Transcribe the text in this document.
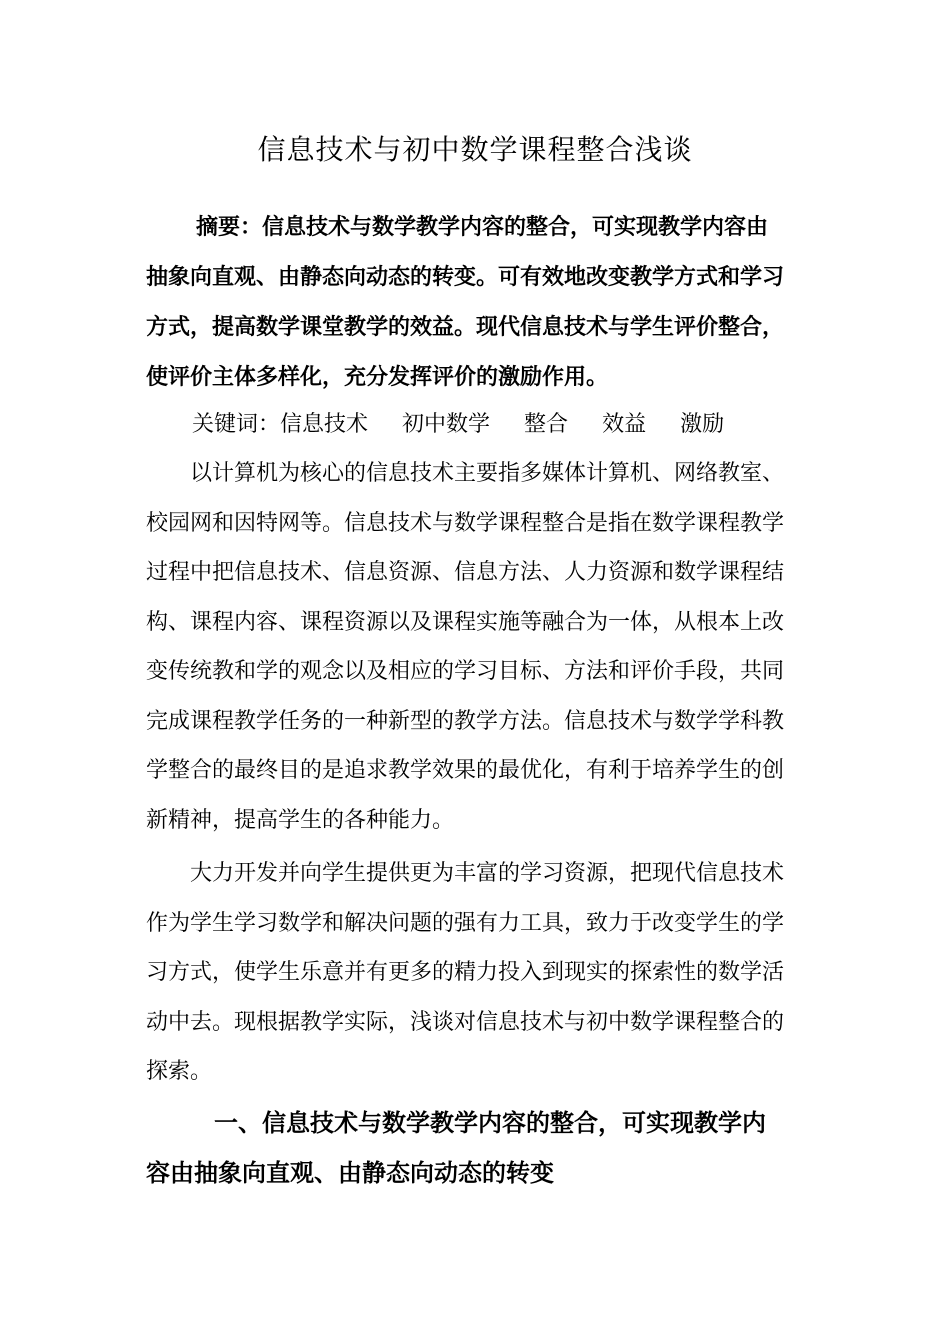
信息技术与初中数学课程整合浅谈
摘要：信息技术与数学教学内容的整合，可实现教学内容由
抽象向直观、由静态向动态的转变。可有效地改变教学方式和学习
方式，提高数学课堂教学的效益。现代信息技术与学生评价整合，
使评价主体多样化，充分发挥评价的激励作用。
关键词：信息技术 初中数学 整合 效益 激励
以计算机为核心的信息技术主要指多媒体计算机、网络教室、
校园网和因特网等。信息技术与数学课程整合是指在数学课程教学
过程中把信息技术、信息资源、信息方法、人力资源和数学课程结
构、课程内容、课程资源以及课程实施等融合为一体，从根本上改
变传统教和学的观念以及相应的学习目标、方法和评价手段，共同
完成课程教学任务的一种新型的教学方法。信息技术与数学学科教
学整合的最终目的是追求教学效果的最优化，有利于培养学生的创
新精神，提高学生的各种能力。
大力开发并向学生提供更为丰富的学习资源，把现代信息技术
作为学生学习数学和解决问题的强有力工具，致力于改变学生的学
习方式，使学生乐意并有更多的精力投入到现实的探索性的数学活
动中去。现根据教学实际，浅谈对信息技术与初中数学课程整合的
探索。
一、信息技术与数学教学内容的整合，可实现教学内
容由抽象向直观、由静态向动态的转变
